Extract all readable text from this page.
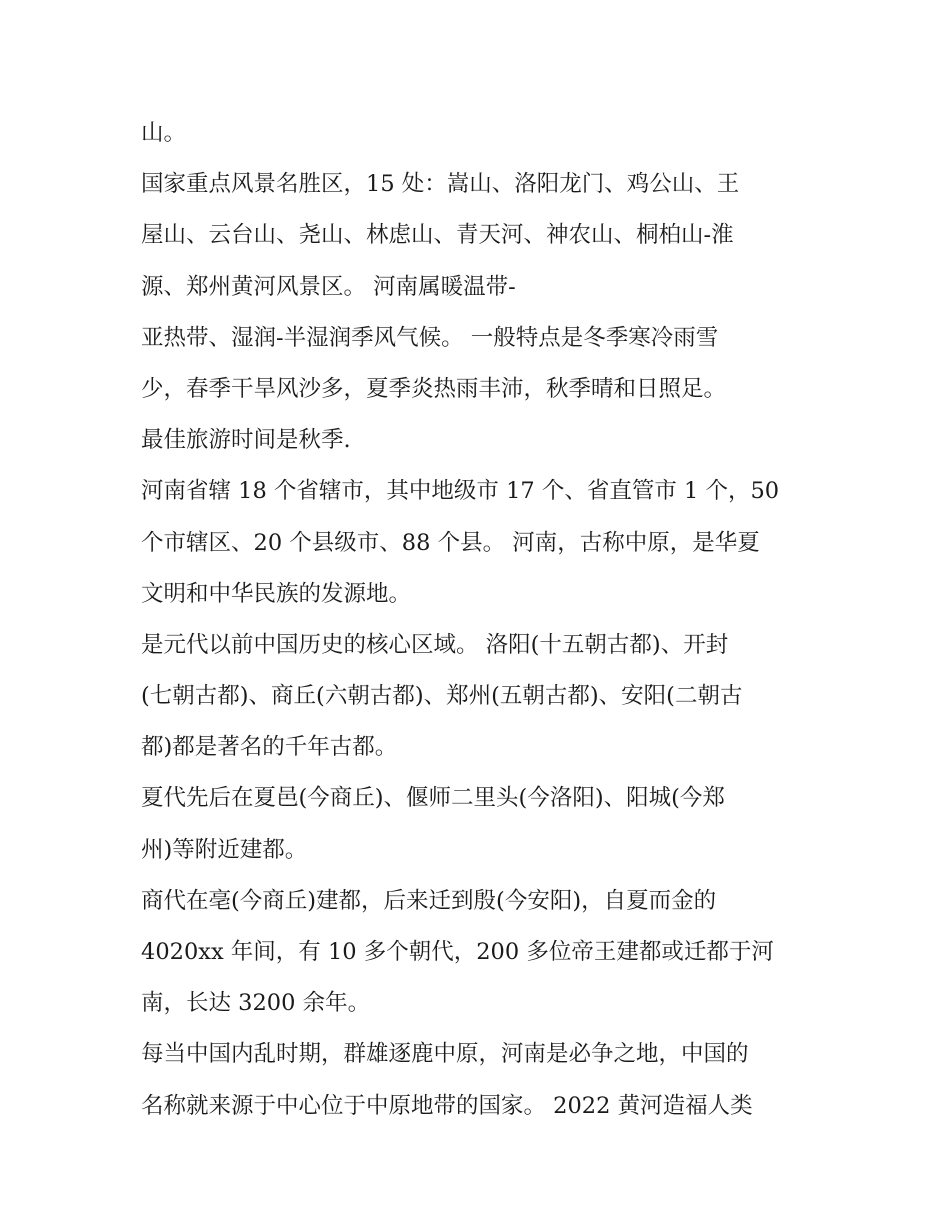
山。
国家重点风景名胜区，15 处：嵩山、洛阳龙门、鸡公山、王
屋山、云台山、尧山、林虑山、青天河、神农山、桐柏山-淮
源、郑州黄河风景区。 河南属暖温带-
亚热带、湿润-半湿润季风气候。 一般特点是冬季寒冷雨雪
少，春季干旱风沙多，夏季炎热雨丰沛，秋季晴和日照足。
最佳旅游时间是秋季.
河南省辖 18 个省辖市，其中地级市 17 个、省直管市 1 个，50
个市辖区、20 个县级市、88 个县。 河南，古称中原，是华夏
文明和中华民族的发源地。
是元代以前中国历史的核心区域。 洛阳(十五朝古都)、开封
(七朝古都)、商丘(六朝古都)、郑州(五朝古都)、安阳(二朝古
都)都是著名的千年古都。
夏代先后在夏邑(今商丘)、偃师二里头(今洛阳)、阳城(今郑
州)等附近建都。
商代在亳(今商丘)建都，后来迁到殷(今安阳)，自夏而金的
4020xx 年间，有 10 多个朝代，200 多位帝王建都或迁都于河
南，长达 3200 余年。
每当中国内乱时期，群雄逐鹿中原，河南是必争之地，中国的
名称就来源于中心位于中原地带的国家。 2022 黄河造福人类
